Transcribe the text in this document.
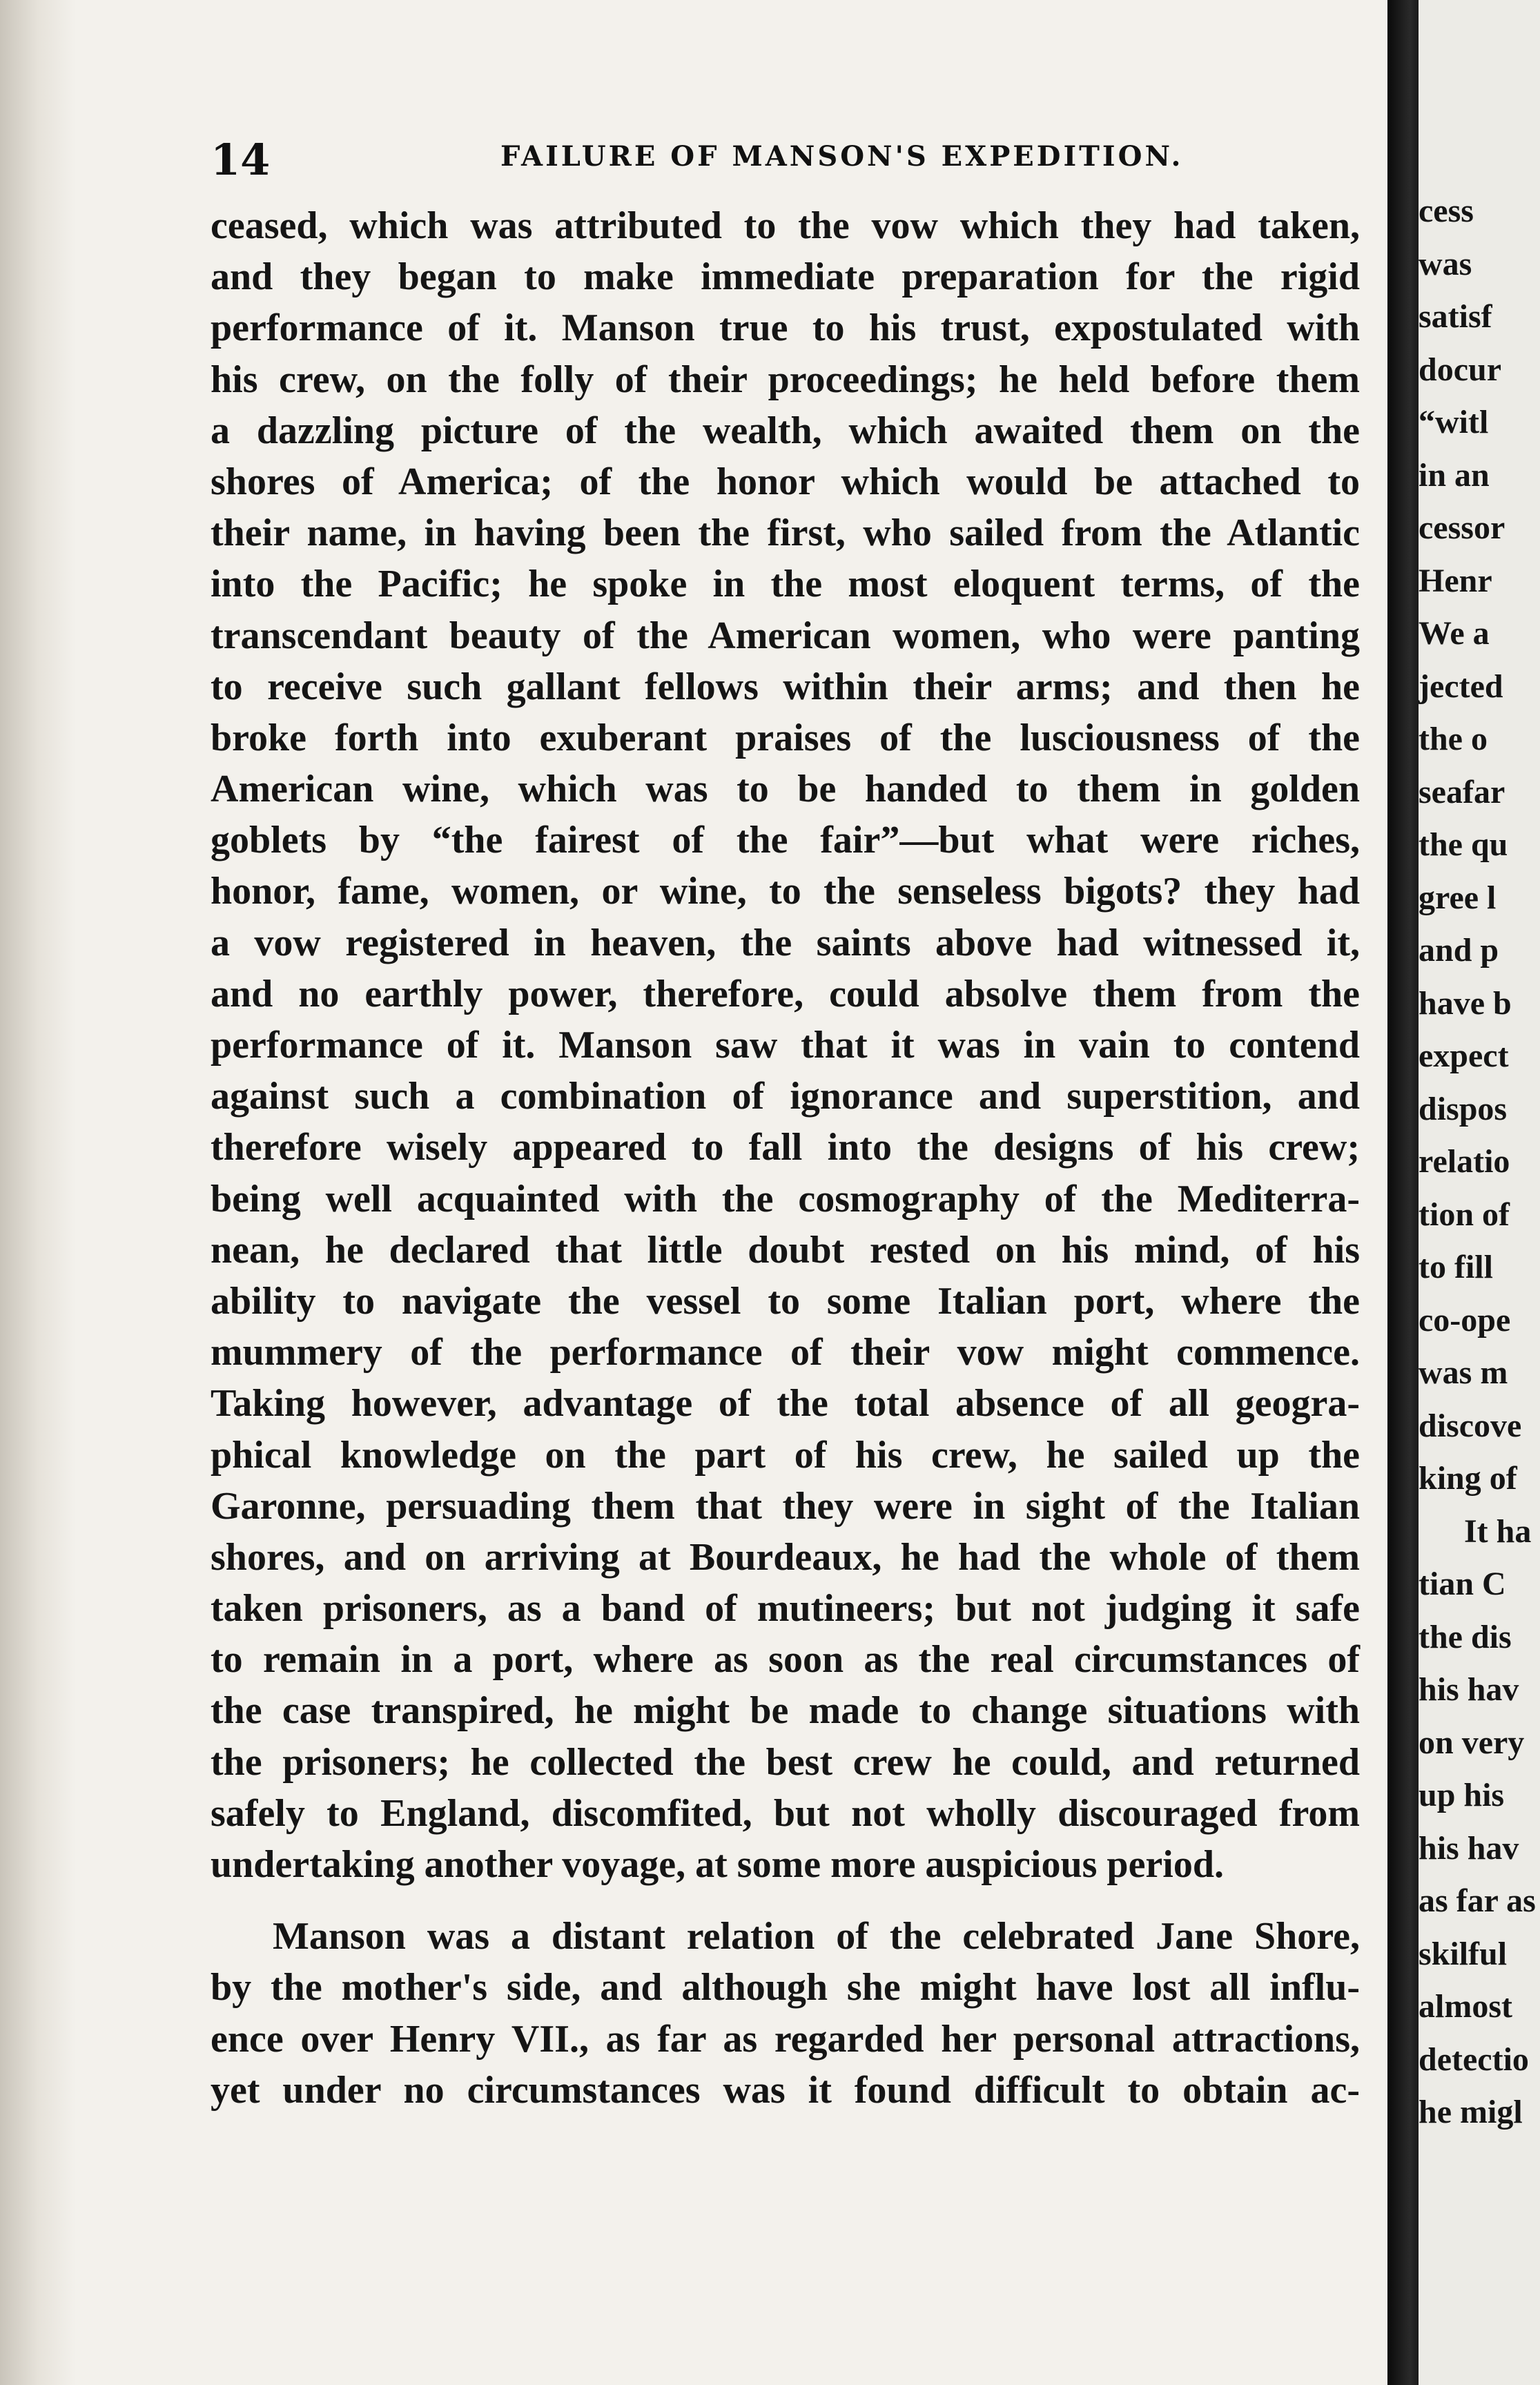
14	FAILURE OF MANSON'S EXPEDITION.
ceased, which was attributed to the vow which they had taken,
and they began to make immediate preparation for the rigid
performance of it. Manson true to his trust, expostulated with
his crew, on the folly of their proceedings; he held before them
a dazzling picture of the wealth, which awaited them on the
shores of America; of the honor which would be attached to
their name, in having been the first, who sailed from the Atlantic
into the Pacific; he spoke in the most eloquent terms, of the
transcendant beauty of the American women, who were panting
to receive such gallant fellows within their arms; and then he
broke forth into exuberant praises of the lusciousness of the
American wine, which was to be handed to them in golden
goblets by “the fairest of the fair”—but what were riches,
honor, fame, women, or wine, to the senseless bigots? they had
a vow registered in heaven, the saints above had witnessed it,
and no earthly power, therefore, could absolve them from the
performance of it. Manson saw that it was in vain to contend
against such a combination of ignorance and superstition, and
therefore wisely appeared to fall into the designs of his crew;
being well acquainted with the cosmography of the Mediterra-
nean, he declared that little doubt rested on his mind, of his
ability to navigate the vessel to some Italian port, where the
mummery of the performance of their vow might commence.
Taking however, advantage of the total absence of all geogra-
phical knowledge on the part of his crew, he sailed up the
Garonne, persuading them that they were in sight of the Italian
shores, and on arriving at Bourdeaux, he had the whole of them
taken prisoners, as a band of mutineers; but not judging it safe
to remain in a port, where as soon as the real circumstances of
the case transpired, he might be made to change situations with
the prisoners; he collected the best crew he could, and returned
safely to England, discomfited, but not wholly discouraged from
undertaking another voyage, at some more auspicious period.
Manson was a distant relation of the celebrated Jane Shore,
by the mother's side, and although she might have lost all influ-
ence over Henry VII., as far as regarded her personal attractions,
yet under no circumstances was it found difficult to obtain ac-
cess
was
satisf
docur
“witl
in an
cessor
Henr
We a
jected
the o
seafar
the qu
gree l
and p
have b
expect
dispos
relatio
tion of
to fill
co-ope
was m
discove
king of
It ha
tian C
the dis
his hav
on very
up his
his hav
as far as
skilful
almost
detectio
he migl
